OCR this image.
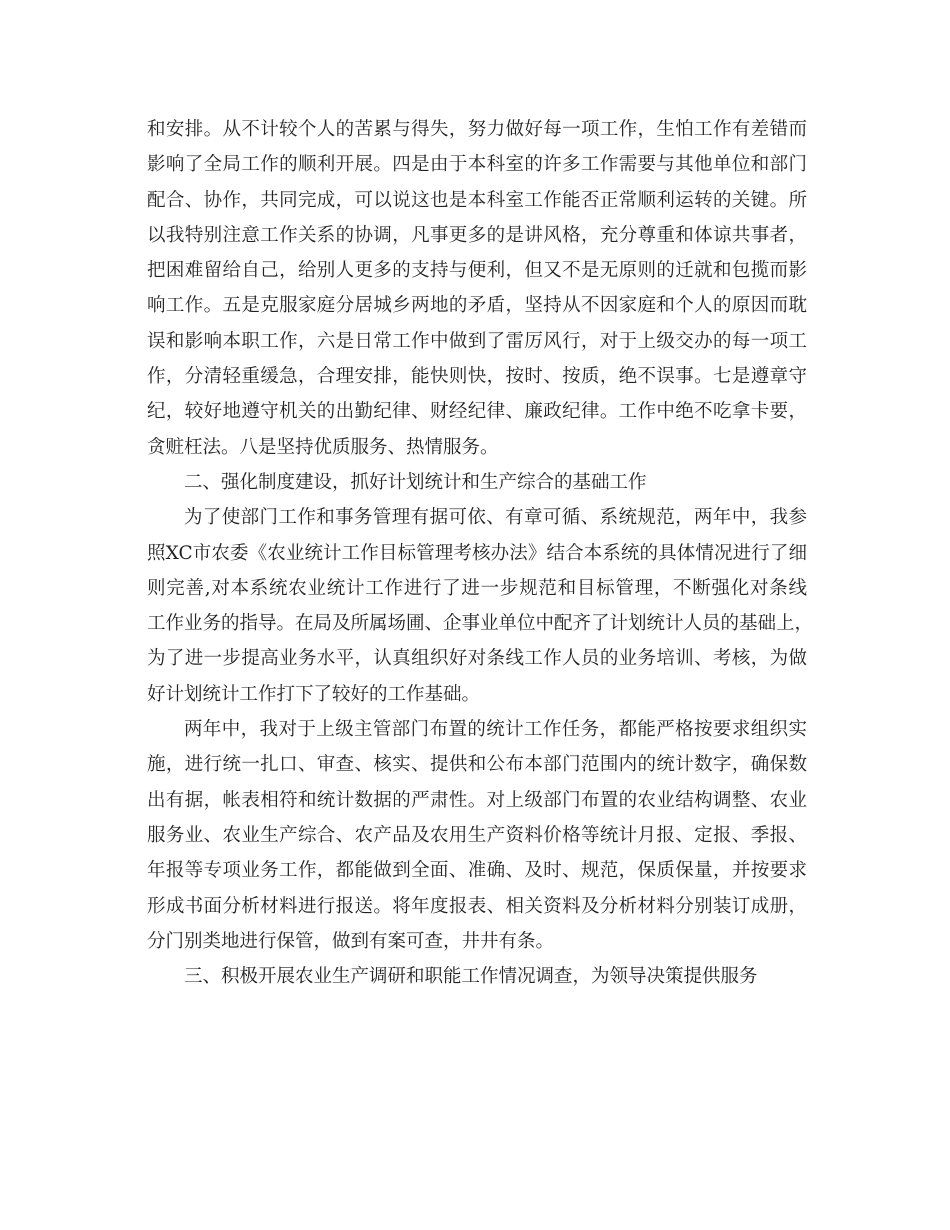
和安排。从不计较个人的苦累与得失，努力做好每一项工作，生怕工作有差错而
影响了全局工作的顺利开展。四是由于本科室的许多工作需要与其他单位和部门
配合、协作，共同完成，可以说这也是本科室工作能否正常顺利运转的关键。所
以我特别注意工作关系的协调，凡事更多的是讲风格，充分尊重和体谅共事者，
把困难留给自己，给别人更多的支持与便利，但又不是无原则的迁就和包揽而影
响工作。五是克服家庭分居城乡两地的矛盾，坚持从不因家庭和个人的原因而耽
误和影响本职工作，六是日常工作中做到了雷厉风行，对于上级交办的每一项工
作，分清轻重缓急，合理安排，能快则快，按时、按质，绝不误事。七是遵章守
纪，较好地遵守机关的出勤纪律、财经纪律、廉政纪律。工作中绝不吃拿卡要，
贪赃枉法。八是坚持优质服务、热情服务。
二、强化制度建设，抓好计划统计和生产综合的基础工作
为了使部门工作和事务管理有据可依、有章可循、系统规范，两年中，我参
照XC市农委《农业统计工作目标管理考核办法》结合本系统的具体情况进行了细
则完善,对本系统农业统计工作进行了进一步规范和目标管理，不断强化对条线
工作业务的指导。在局及所属场圃、企事业单位中配齐了计划统计人员的基础上，
为了进一步提高业务水平，认真组织好对条线工作人员的业务培训、考核，为做
好计划统计工作打下了较好的工作基础。
两年中，我对于上级主管部门布置的统计工作任务，都能严格按要求组织实
施，进行统一扎口、审查、核实、提供和公布本部门范围内的统计数字，确保数
出有据，帐表相符和统计数据的严肃性。对上级部门布置的农业结构调整、农业
服务业、农业生产综合、农产品及农用生产资料价格等统计月报、定报、季报、
年报等专项业务工作，都能做到全面、准确、及时、规范，保质保量，并按要求
形成书面分析材料进行报送。将年度报表、相关资料及分析材料分别装订成册，
分门别类地进行保管，做到有案可查，井井有条。
三、积极开展农业生产调研和职能工作情况调查，为领导决策提供服务
